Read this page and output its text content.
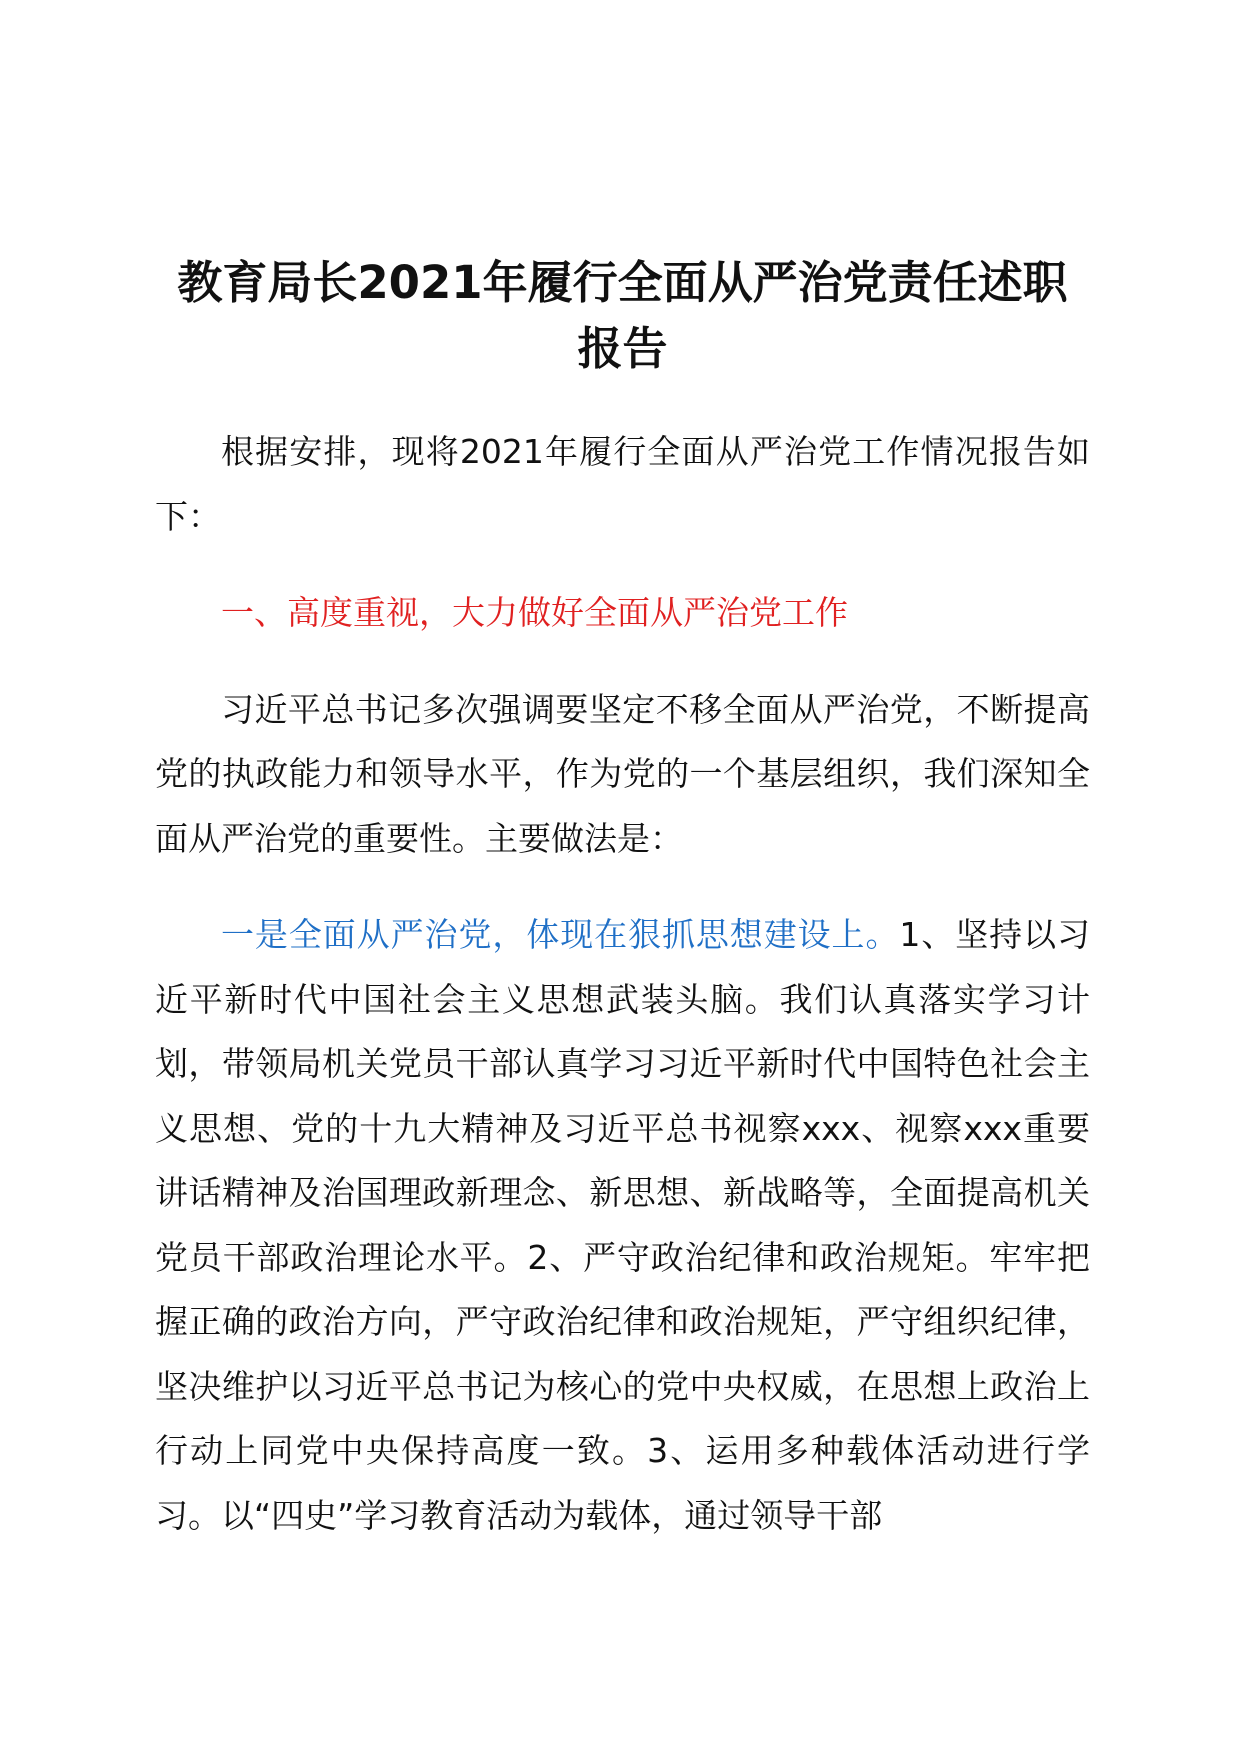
教育局长2021年履行全面从严治党责任述职报告

根据安排，现将2021年履行全面从严治党工作情况报告如下：

一、高度重视，大力做好全面从严治党工作

习近平总书记多次强调要坚定不移全面从严治党，不断提高党的执政能力和领导水平，作为党的一个基层组织，我们深知全面从严治党的重要性。主要做法是：

一是全面从严治党，体现在狠抓思想建设上。1、坚持以习近平新时代中国社会主义思想武装头脑。我们认真落实学习计划，带领局机关党员干部认真学习习近平新时代中国特色社会主义思想、党的十九大精神及习近平总书视察xxx、视察xxx重要讲话精神及治国理政新理念、新思想、新战略等，全面提高机关党员干部政治理论水平。2、严守政治纪律和政治规矩。牢牢把握正确的政治方向，严守政治纪律和政治规矩，严守组织纪律，坚决维护以习近平总书记为核心的党中央权威，在思想上政治上行动上同党中央保持高度一致。3、运用多种载体活动进行学习。以“四史”学习教育活动为载体，通过领导干部
